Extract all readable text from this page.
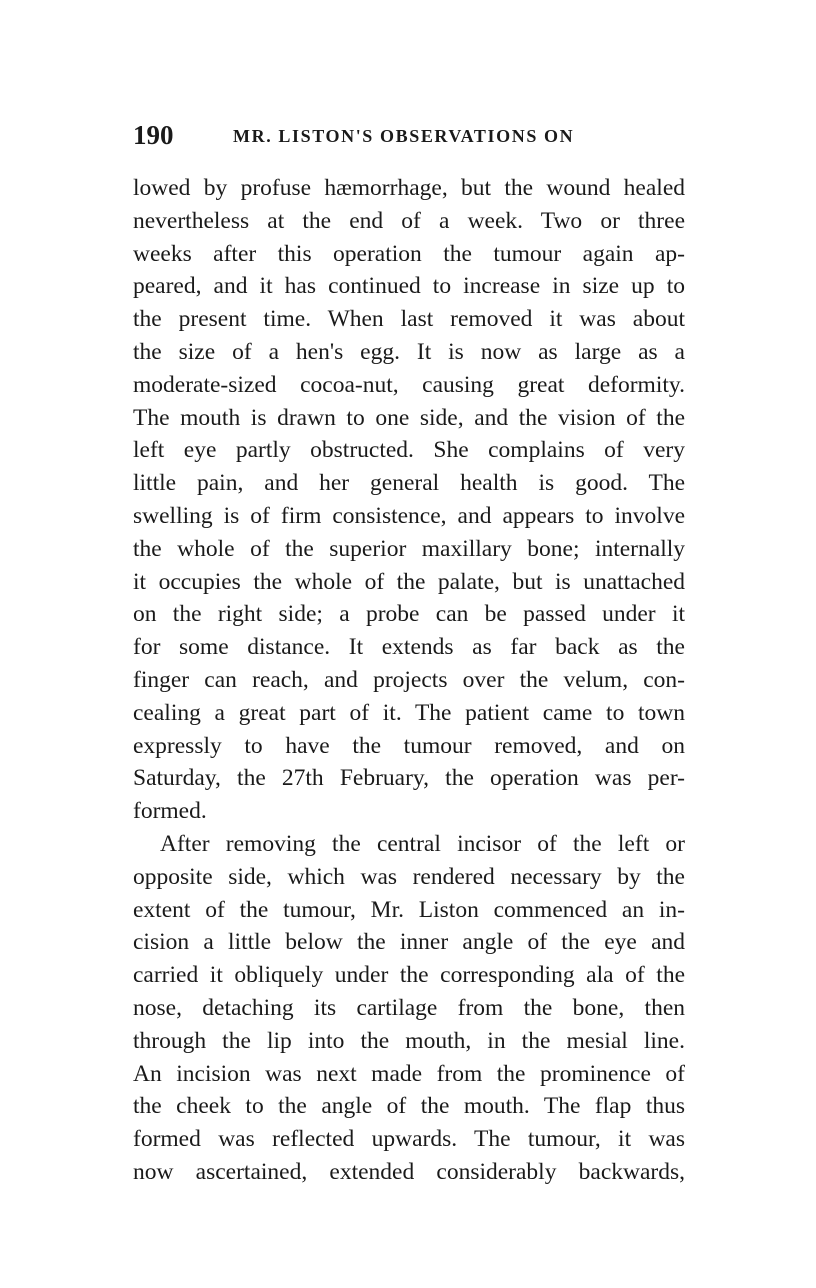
190	MR. LISTON'S OBSERVATIONS ON
lowed by profuse hæmorrhage, but the wound healed
nevertheless at the end of a week. Two or three
weeks after this operation the tumour again ap-
peared, and it has continued to increase in size up to
the present time. When last removed it was about
the size of a hen's egg. It is now as large as a
moderate-sized cocoa-nut, causing great deformity.
The mouth is drawn to one side, and the vision of the
left eye partly obstructed. She complains of very
little pain, and her general health is good. The
swelling is of firm consistence, and appears to involve
the whole of the superior maxillary bone; internally
it occupies the whole of the palate, but is unattached
on the right side; a probe can be passed under it
for some distance. It extends as far back as the
finger can reach, and projects over the velum, con-
cealing a great part of it. The patient came to town
expressly to have the tumour removed, and on
Saturday, the 27th February, the operation was per-
formed.
After removing the central incisor of the left or
opposite side, which was rendered necessary by the
extent of the tumour, Mr. Liston commenced an in-
cision a little below the inner angle of the eye and
carried it obliquely under the corresponding ala of the
nose, detaching its cartilage from the bone, then
through the lip into the mouth, in the mesial line.
An incision was next made from the prominence of
the cheek to the angle of the mouth. The flap thus
formed was reflected upwards. The tumour, it was
now ascertained, extended considerably backwards,
